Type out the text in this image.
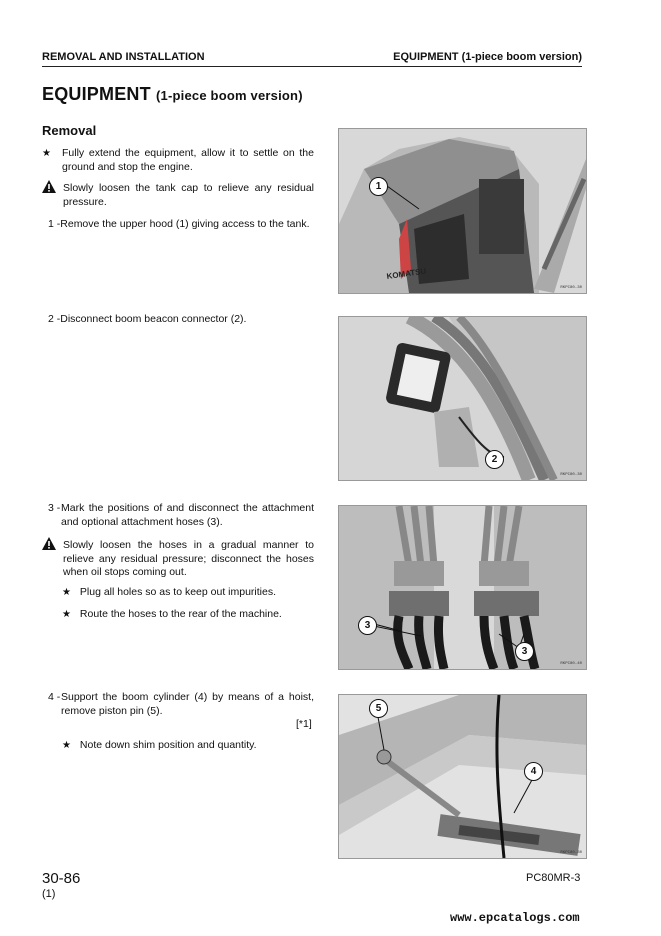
REMOVAL AND INSTALLATION	EQUIPMENT (1-piece boom version)
EQUIPMENT (1-piece boom version)
Removal
★ Fully extend the equipment, allow it to settle on the ground and stop the engine.
Slowly loosen the tank cap to relieve any residual pressure.
1 -Remove the upper hood (1) giving access to the tank.
KOMATSU
1
RKPC80-30
2 -Disconnect boom beacon connector (2).
2
RKPC80-30
3 - Mark the positions of and disconnect the attachment and optional attachment hoses (3).
Slowly loosen the hoses in a gradual manner to relieve any residual pressure; disconnect the hoses when oil stops coming out.
★ Plug all holes so as to keep out impurities.
★ Route the hoses to the rear of the machine.
3
3
RKPC80-40
4 - Support the boom cylinder (4) by means of a hoist, remove piston pin (5).
[*1]
★ Note down shim position and quantity.
5
4
RKPC80-30
30-86
(1)
PC80MR-3
www.epcatalogs.com
